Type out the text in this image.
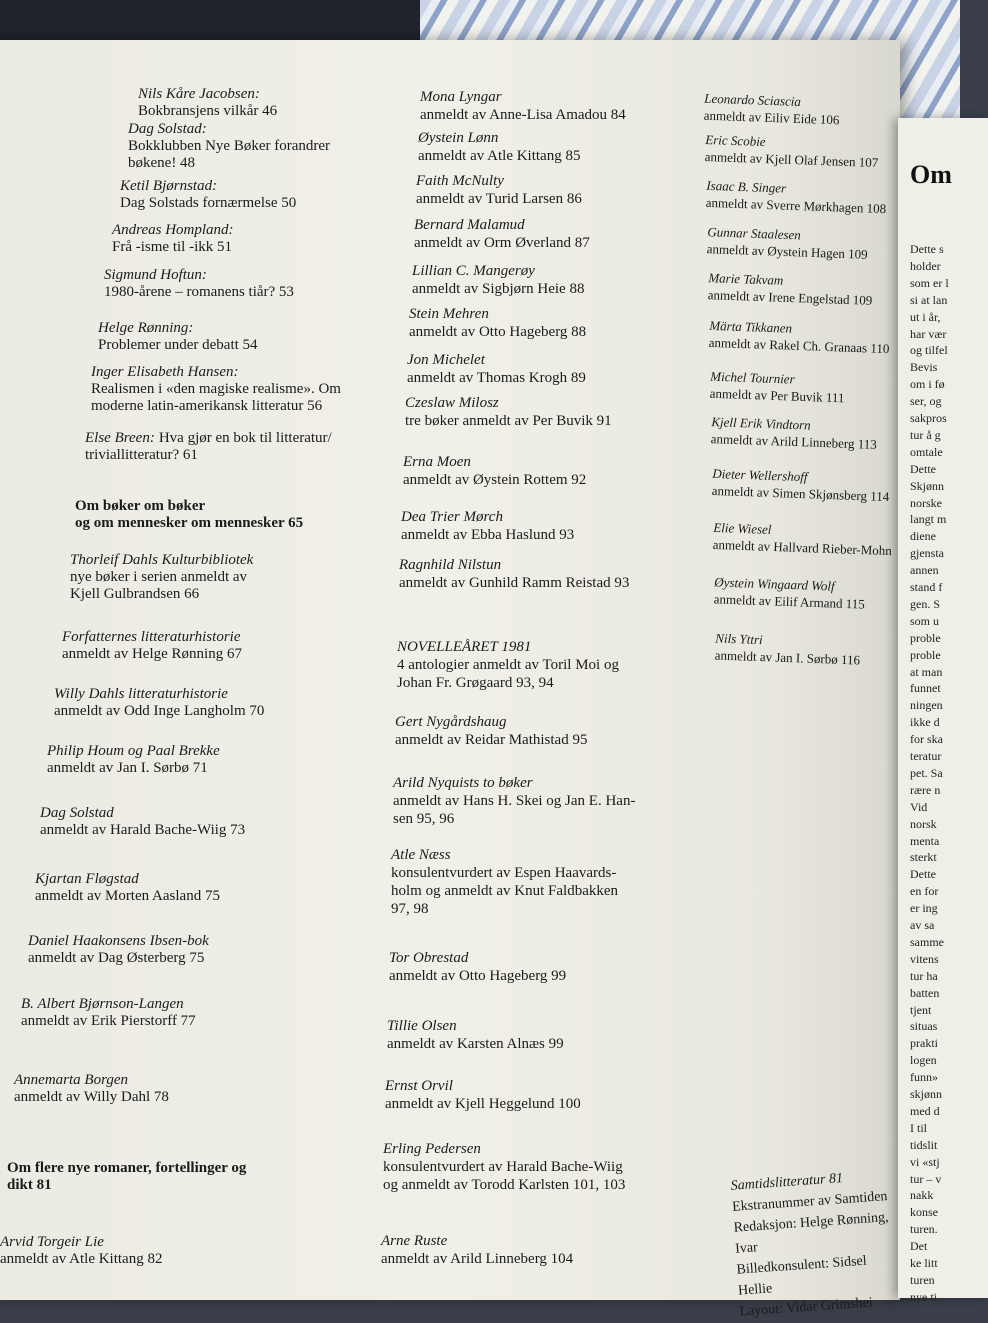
Nils Kåre Jacobsen:
Bokbransjens vilkår 46
Dag Solstad:
Bokklubben Nye Bøker forandrer
bøkene! 48
Ketil Bjørnstad:
Dag Solstads fornærmelse 50
Andreas Hompland:
Frå -isme til -ikk 51
Sigmund Hoftun:
1980-årene – romanens tiår? 53
Helge Rønning:
Problemer under debatt 54
Inger Elisabeth Hansen:
Realismen i «den magiske realisme». Om
moderne latin-amerikansk litteratur 56
Else Breen: Hva gjør en bok til litteratur/

triviallitteratur? 61
Om bøker om bøker
og om mennesker om mennesker 65
Thorleif Dahls Kulturbibliotek
nye bøker i serien anmeldt av
Kjell Gulbrandsen 66
Forfatternes litteraturhistorie
anmeldt av Helge Rønning 67
Willy Dahls litteraturhistorie
anmeldt av Odd Inge Langholm 70
Philip Houm og Paal Brekke
anmeldt av Jan I. Sørbø 71
Dag Solstad
anmeldt av Harald Bache-Wiig 73
Kjartan Fløgstad
anmeldt av Morten Aasland 75
Daniel Haakonsens Ibsen-bok
anmeldt av Dag Østerberg 75
B. Albert Bjørnson-Langen
anmeldt av Erik Pierstorff 77
Annemarta Borgen
anmeldt av Willy Dahl 78
Om flere nye romaner, fortellinger og
dikt 81
Arvid Torgeir Lie
anmeldt av Atle Kittang 82
Mona Lyngar
anmeldt av Anne-Lisa Amadou 84
Øystein Lønn
anmeldt av Atle Kittang 85
Faith McNulty
anmeldt av Turid Larsen 86
Bernard Malamud
anmeldt av Orm Øverland 87
Lillian C. Mangerøy
anmeldt av Sigbjørn Heie 88
Stein Mehren
anmeldt av Otto Hageberg 88
Jon Michelet
anmeldt av Thomas Krogh 89
Czeslaw Milosz
tre bøker anmeldt av Per Buvik 91
Erna Moen
anmeldt av Øystein Rottem 92
Dea Trier Mørch
anmeldt av Ebba Haslund 93
Ragnhild Nilstun
anmeldt av Gunhild Ramm Reistad 93
NOVELLEÅRET 1981
4 antologier anmeldt av Toril Moi og
Johan Fr. Grøgaard 93, 94
Gert Nygårdshaug
anmeldt av Reidar Mathistad 95
Arild Nyquists to bøker
anmeldt av Hans H. Skei og Jan E. Han-
sen 95, 96
Atle Næss
konsulentvurdert av Espen Haavards-
holm og anmeldt av Knut Faldbakken
97, 98
Tor Obrestad
anmeldt av Otto Hageberg 99
Tillie Olsen
anmeldt av Karsten Alnæs 99
Ernst Orvil
anmeldt av Kjell Heggelund 100
Erling Pedersen
konsulentvurdert av Harald Bache-Wiig
og anmeldt av Torodd Karlsten 101, 103
Arne Ruste
anmeldt av Arild Linneberg 104
Leonardo Sciascia
anmeldt av Eiliv Eide 106
Eric Scobie
anmeldt av Kjell Olaf Jensen 107
Isaac B. Singer
anmeldt av Sverre Mørkhagen 108
Gunnar Staalesen
anmeldt av Øystein Hagen 109
Marie Takvam
anmeldt av Irene Engelstad 109
Märta Tikkanen
anmeldt av Rakel Ch. Granaas 110
Michel Tournier
anmeldt av Per Buvik 111
Kjell Erik Vindtorn
anmeldt av Arild Linneberg 113
Dieter Wellershoff
anmeldt av Simen Skjønsberg 114
Elie Wiesel
anmeldt av Hallvard Rieber-Mohn
Øystein Wingaard Wolf
anmeldt av Eilif Armand 115
Nils Yttri
anmeldt av Jan I. Sørbø 116
Samtidslitteratur 81
Ekstranummer av Samtiden
Redaksjon: Helge Rønning, Ivar
Billedkonsulent: Sidsel Hellie
Layout: Vidar Grimshei
Om
Dette s
holder
som er l
si at lan
ut i år,
har vær
og tilfel
Bevis
om i fø
ser, og
sakpros
tur å g
omtale
Dette
Skjønn
norske
langt m
diene
gjensta
annen
stand f
gen. S
som u
proble
proble
at man
funnet
ningen
ikke d
for ska
teratur
pet. Sa
rære n
Vid
norsk
menta
sterkt
Dette
en for
er ing
av sa
samme
vitens
tur ha
batten
tjent
situas
prakti
logen
funn»
skjønn
med d
I til
tidslit
vi «stj
tur – v
nakk
konse
turen.
Det
ke litt
turen
nye ti
